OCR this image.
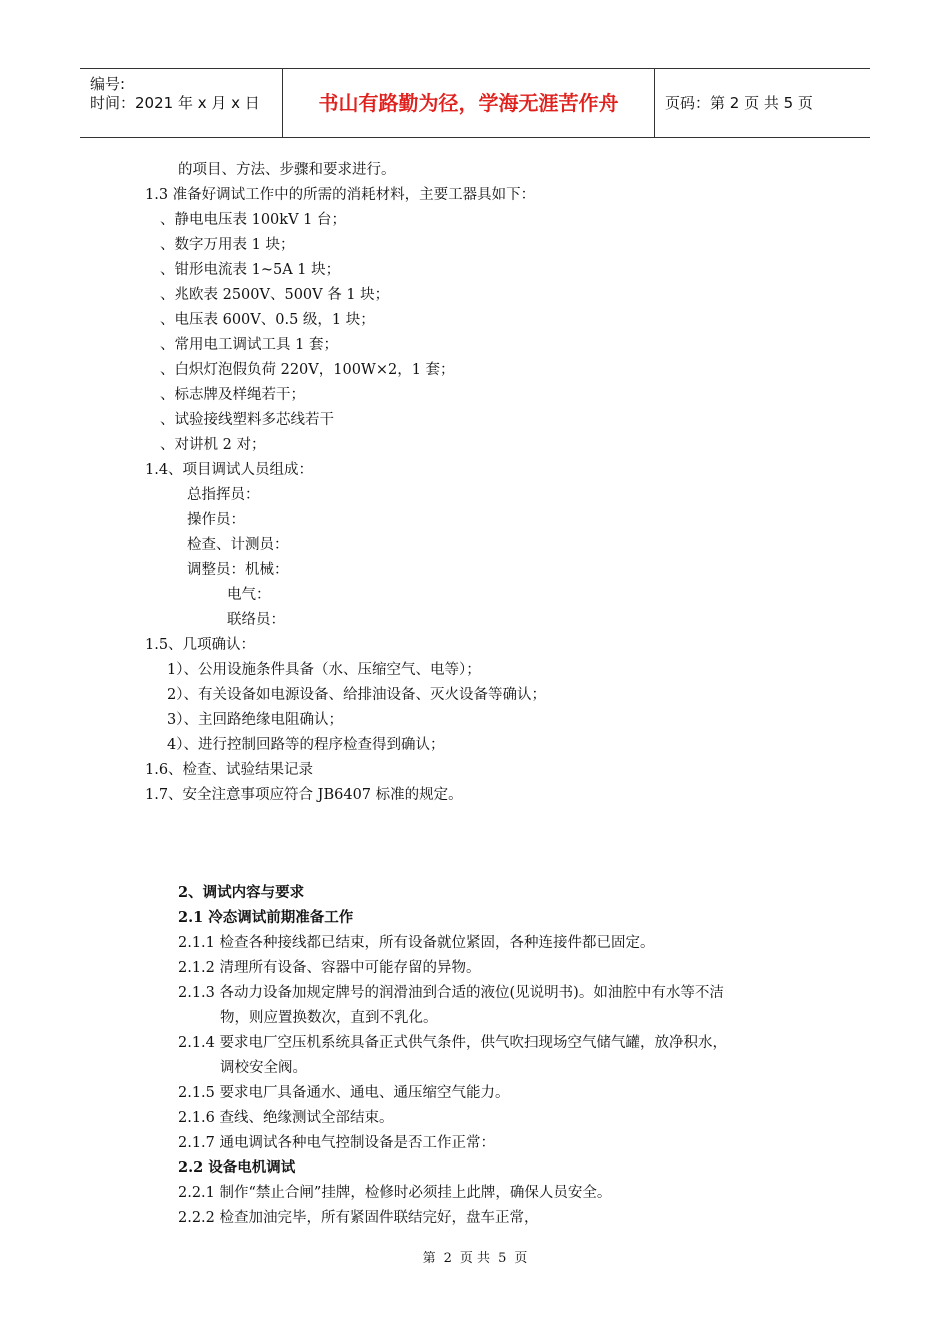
编号:
时间：2021 年 x 月 x 日	书山有路勤为径，学海无涯苦作舟	页码：第 2 页 共 5 页
的项目、方法、步骤和要求进行。
1.3 准备好调试工作中的所需的消耗材料，主要工器具如下：
、静电电压表 100kV 1 台；
、数字万用表 1 块；
、钳形电流表 1~5A 1 块；
、兆欧表 2500V、500V 各 1 块；
、电压表 600V、0.5 级，1 块；
、常用电工调试工具 1 套；
、白炽灯泡假负荷 220V，100W×2，1 套；
、标志牌及样绳若干；
、试验接线塑料多芯线若干
、对讲机 2 对；
1.4、项目调试人员组成：
总指挥员：
操作员：
检查、计测员：
调整员：机械：
电气：
联络员：
1.5、几项确认：
1）、公用设施条件具备（水、压缩空气、电等）；
2）、有关设备如电源设备、给排油设备、灭火设备等确认；
3）、主回路绝缘电阻确认；
4）、进行控制回路等的程序检查得到确认；
1.6、检查、试验结果记录
1.7、安全注意事项应符合 JB6407 标准的规定。
2、调试内容与要求
2.1 冷态调试前期准备工作
2.1.1 检查各种接线都已结束，所有设备就位紧固，各种连接件都已固定。
2.1.2 清理所有设备、容器中可能存留的异物。
2.1.3 各动力设备加规定牌号的润滑油到合适的液位(见说明书)。如油腔中有水等不洁
物，则应置换数次，直到不乳化。
2.1.4 要求电厂空压机系统具备正式供气条件，供气吹扫现场空气储气罐，放净积水，
调校安全阀。
2.1.5 要求电厂具备通水、通电、通压缩空气能力。
2.1.6 查线、绝缘测试全部结束。
2.1.7 通电调试各种电气控制设备是否工作正常：
2.2 设备电机调试
2.2.1 制作“禁止合闸”挂牌，检修时必须挂上此牌，确保人员安全。
2.2.2 检查加油完毕，所有紧固件联结完好，盘车正常，
第 2 页 共 5 页
